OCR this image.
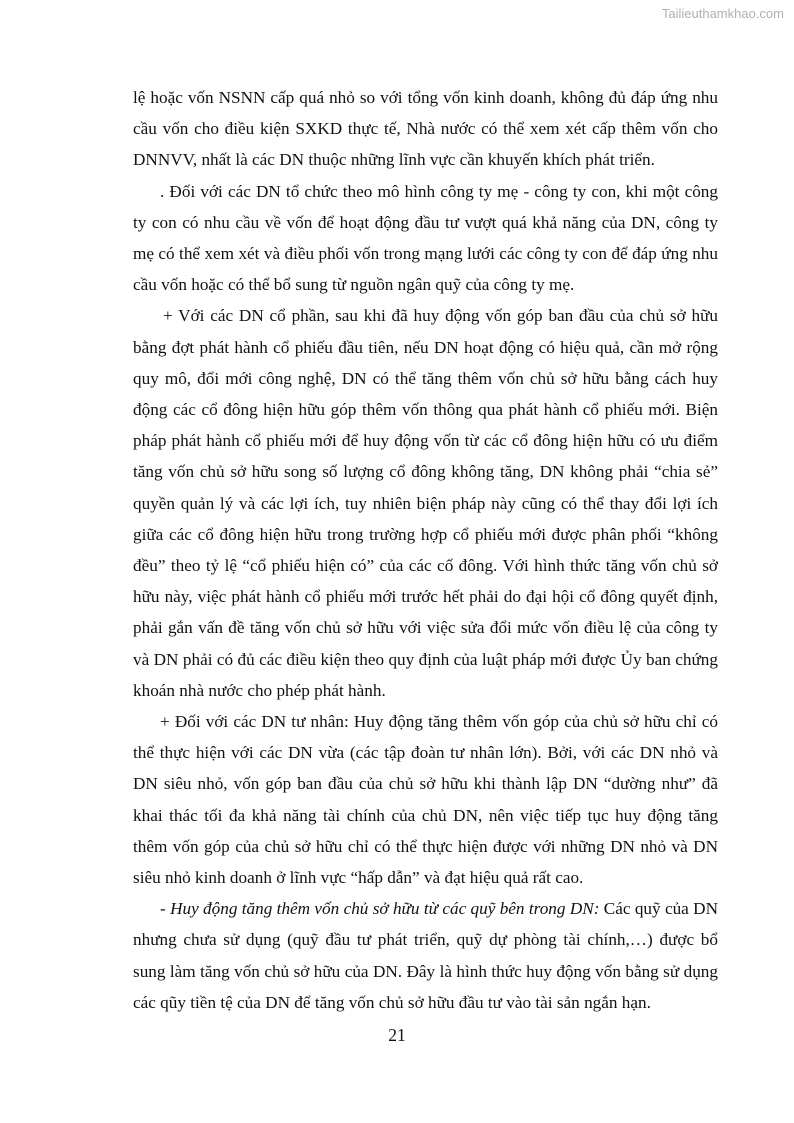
Tailieuthamkhao.com

lệ hoặc vốn NSNN cấp quá nhỏ so với tổng vốn kinh doanh, không đủ đáp ứng nhu cầu vốn cho điều kiện SXKD thực tế, Nhà nước có thể xem xét cấp thêm vốn cho DNNVV, nhất là các DN thuộc những lĩnh vực cần khuyến khích phát triển.

. Đối với các DN tổ chức theo mô hình công ty mẹ - công ty con, khi một công ty con có nhu cầu về vốn để hoạt động đầu tư vượt quá khả năng của DN, công ty mẹ có thể xem xét và điều phối vốn trong mạng lưới các công ty con để đáp ứng nhu cầu vốn hoặc có thể bổ sung từ nguồn ngân quỹ của công ty mẹ.

+ Với các DN cổ phần, sau khi đã huy động vốn góp ban đầu của chủ sở hữu bằng đợt phát hành cổ phiếu đầu tiên, nếu DN hoạt động có hiệu quả, cần mở rộng quy mô, đổi mới công nghệ, DN có thể tăng thêm vốn chủ sở hữu bằng cách huy động các cổ đông hiện hữu góp thêm vốn thông qua phát hành cổ phiếu mới. Biện pháp phát hành cổ phiếu mới để huy động vốn từ các cổ đông hiện hữu có ưu điểm tăng vốn chủ sở hữu song số lượng cổ đông không tăng, DN không phải “chia sẻ” quyền quản lý và các lợi ích, tuy nhiên biện pháp này cũng có thể thay đổi lợi ích giữa các cổ đông hiện hữu trong trường hợp cổ phiếu mới được phân phối “không đều” theo tỷ lệ “cổ phiếu hiện có” của các cổ đông. Với hình thức tăng vốn chủ sở hữu này, việc phát hành cổ phiếu mới trước hết phải do đại hội cổ đông quyết định, phải gắn vấn đề tăng vốn chủ sở hữu với việc sửa đổi mức vốn điều lệ của công ty và DN phải có đủ các điều kiện theo quy định của luật pháp mới được Ủy ban chứng khoán nhà nước cho phép phát hành.

+ Đối với các DN tư nhân: Huy động tăng thêm vốn góp của chủ sở hữu chỉ có thể thực hiện với các DN vừa (các tập đoàn tư nhân lớn). Bởi, với các DN nhỏ và DN siêu nhỏ, vốn góp ban đầu của chủ sở hữu khi thành lập DN “dường như” đã khai thác tối đa khả năng tài chính của chủ DN, nên việc tiếp tục huy động tăng thêm vốn góp của chủ sở hữu chỉ có thể thực hiện được với những DN nhỏ và DN siêu nhỏ kinh doanh ở lĩnh vực “hấp dẫn” và đạt hiệu quả rất cao.

- Huy động tăng thêm vốn chủ sở hữu từ các quỹ bên trong DN: Các quỹ của DN nhưng chưa sử dụng (quỹ đầu tư phát triển, quỹ dự phòng tài chính,…) được bổ sung làm tăng vốn chủ sở hữu của DN. Đây là hình thức huy động vốn bằng sử dụng các qũy tiền tệ của DN để tăng vốn chủ sở hữu đầu tư vào tài sản ngắn hạn.

21
